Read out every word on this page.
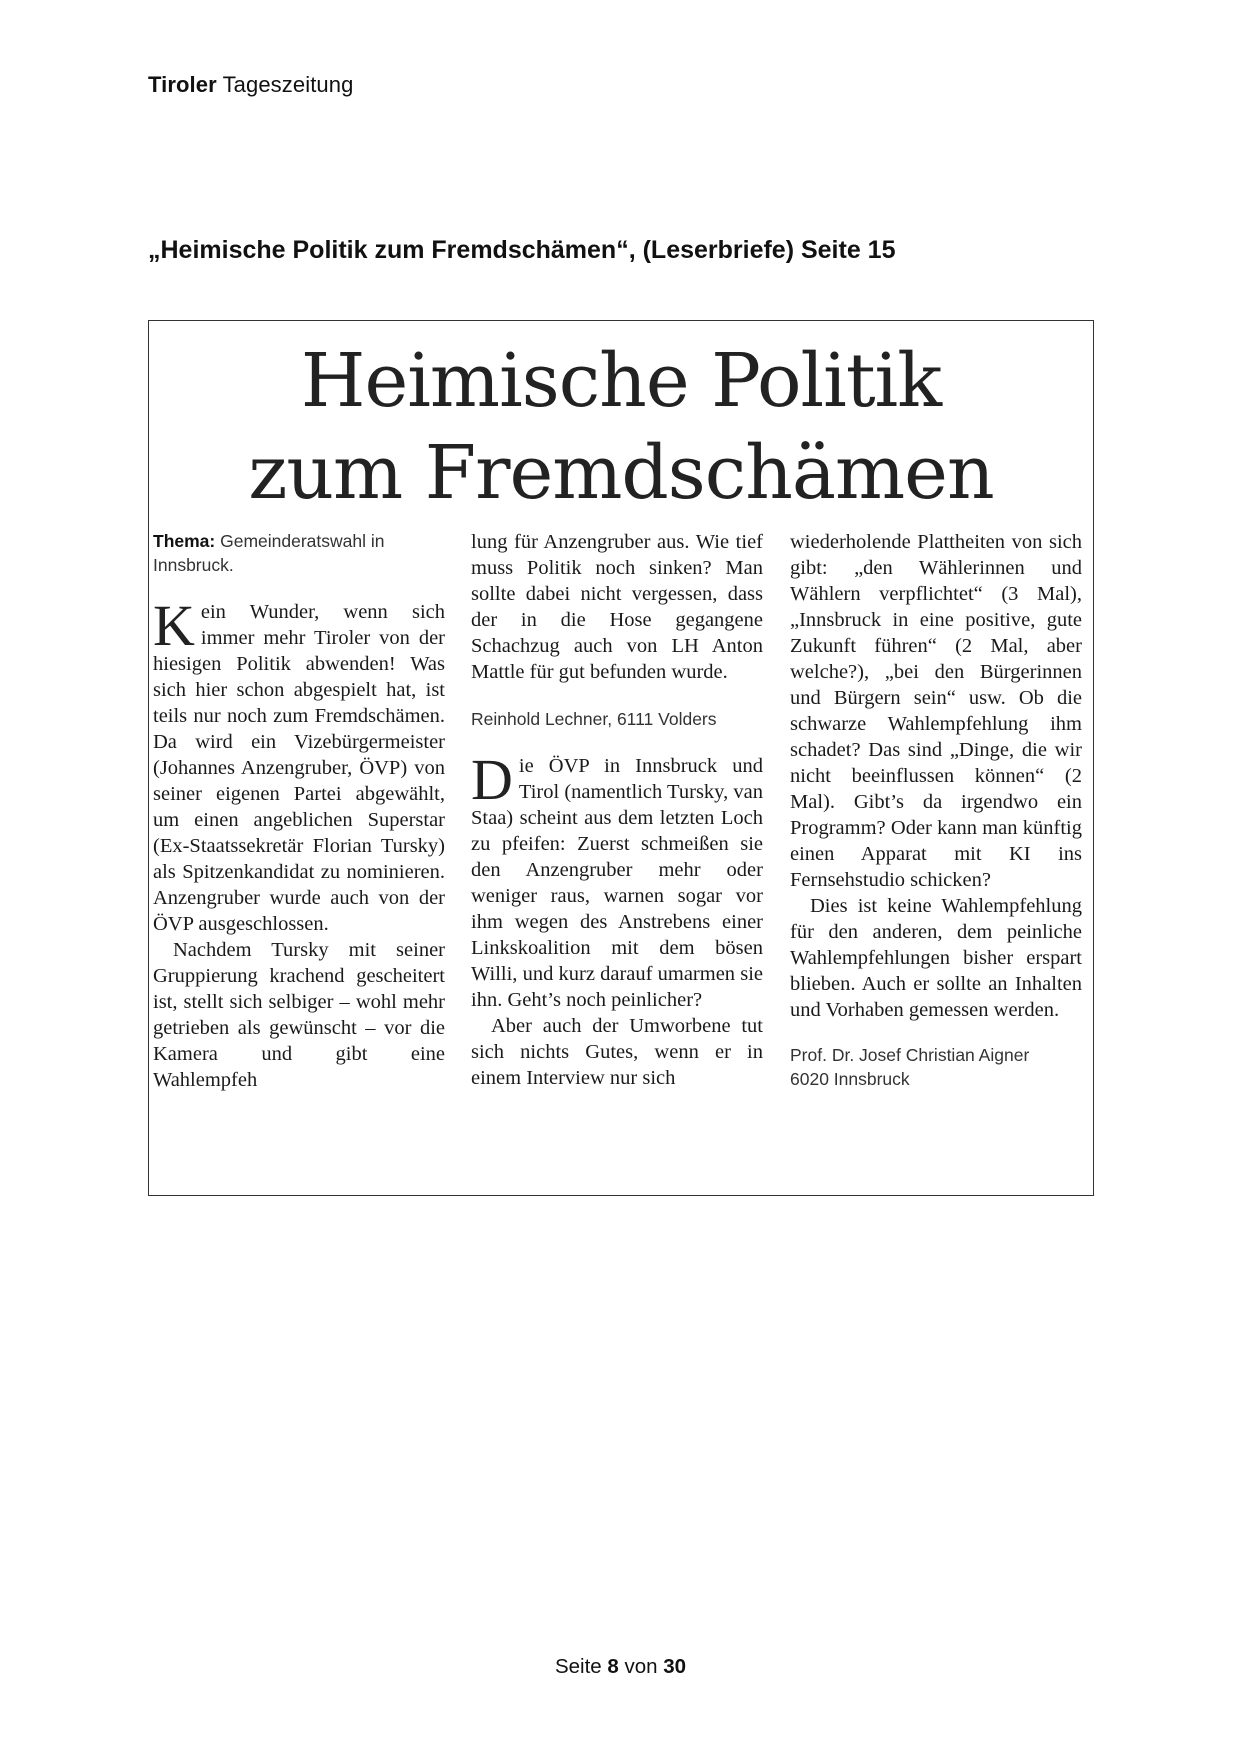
Tiroler Tageszeitung
„Heimische Politik zum Fremdschämen“, (Leserbriefe) Seite 15
Heimische Politik
zum Fremdschämen

Thema: Gemeinderatswahl in Innsbruck.

Kein Wunder, wenn sich immer mehr Tiroler von der hiesigen Politik abwenden! Was sich hier schon abgespielt hat, ist teils nur noch zum Fremdschämen. Da wird ein Vizebürgermeister (Johannes Anzengruber, ÖVP) von seiner eigenen Partei abgewählt, um einen angeblichen Superstar (Ex-Staatssekretär Florian Tursky) als Spitzenkandidat zu nominieren. Anzengruber wurde auch von der ÖVP ausgeschlossen.

Nachdem Tursky mit seiner Gruppierung krachend gescheitert ist, stellt sich selbiger – wohl mehr getrieben als gewünscht – vor die Kamera und gibt eine Wahlempfeh

lung für Anzengruber aus. Wie tief muss Politik noch sinken? Man sollte dabei nicht vergessen, dass der in die Hose gegangene Schachzug auch von LH Anton Mattle für gut befunden wurde.

Reinhold Lechner, 6111 Volders

Die ÖVP in Innsbruck und Tirol (namentlich Tursky, van Staa) scheint aus dem letzten Loch zu pfeifen: Zuerst schmeißen sie den Anzengruber mehr oder weniger raus, warnen sogar vor ihm wegen des Anstrebens einer Linkskoalition mit dem bösen Willi, und kurz darauf umarmen sie ihn. Geht’s noch peinlicher?

Aber auch der Umworbene tut sich nichts Gutes, wenn er in einem Interview nur sich

wiederholende Plattheiten von sich gibt: „den Wählerinnen und Wählern verpflichtet“ (3 Mal), „Innsbruck in eine positive, gute Zukunft führen“ (2 Mal, aber welche?), „bei den Bürgerinnen und Bürgern sein“ usw. Ob die schwarze Wahlempfehlung ihm schadet? Das sind „Dinge, die wir nicht beeinflussen können“ (2 Mal). Gibt’s da irgendwo ein Programm? Oder kann man künftig einen Apparat mit KI ins Fernsehstudio schicken?

Dies ist keine Wahlempfehlung für den anderen, dem peinliche Wahlempfehlungen bisher erspart blieben. Auch er sollte an Inhalten und Vorhaben gemessen werden.

Prof. Dr. Josef Christian Aigner
6020 Innsbruck

Seite 8 von 30
